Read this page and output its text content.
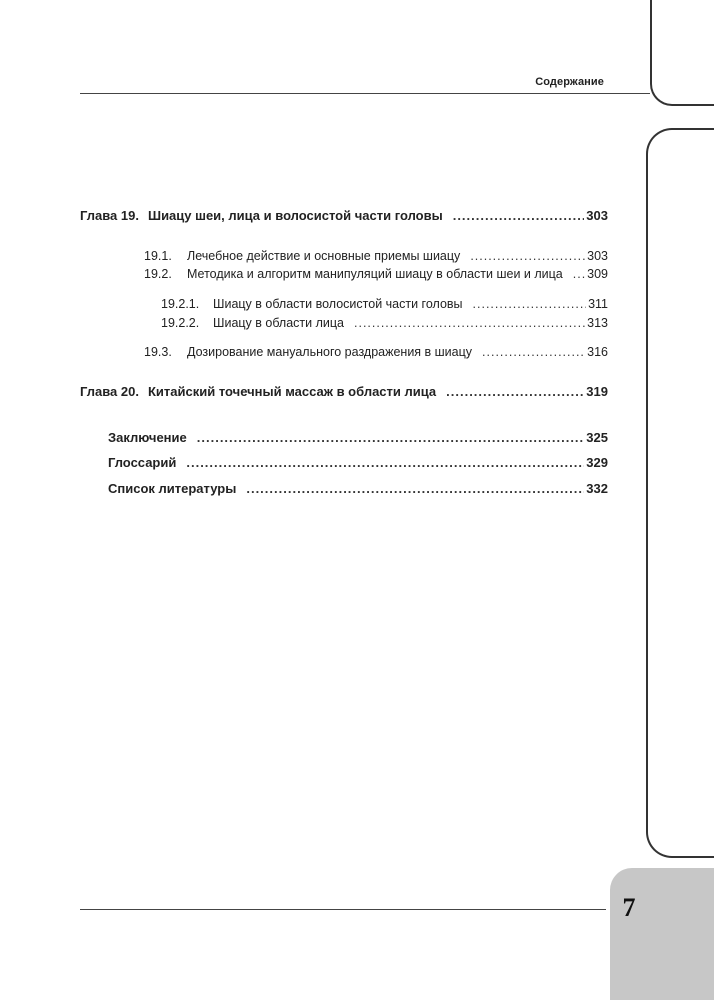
Содержание
Глава 19. Шиацу шеи, лица и волосистой части головы .....	303
19.1.	Лечебное действие и основные приемы шиацу .....	303
19.2.	Методика и алгоритм манипуляций шиацу в области шеи и лица ..... 309
19.2.1.	Шиацу в области волосистой части головы .....	311
19.2.2.	Шиацу в области лица .....	313
19.3.	Дозирование мануального раздражения в шиацу .....	316
Глава 20. Китайский точечный массаж в области лица .....	319
Заключение .....	325
Глоссарий .....	329
Список литературы .....	332
7
